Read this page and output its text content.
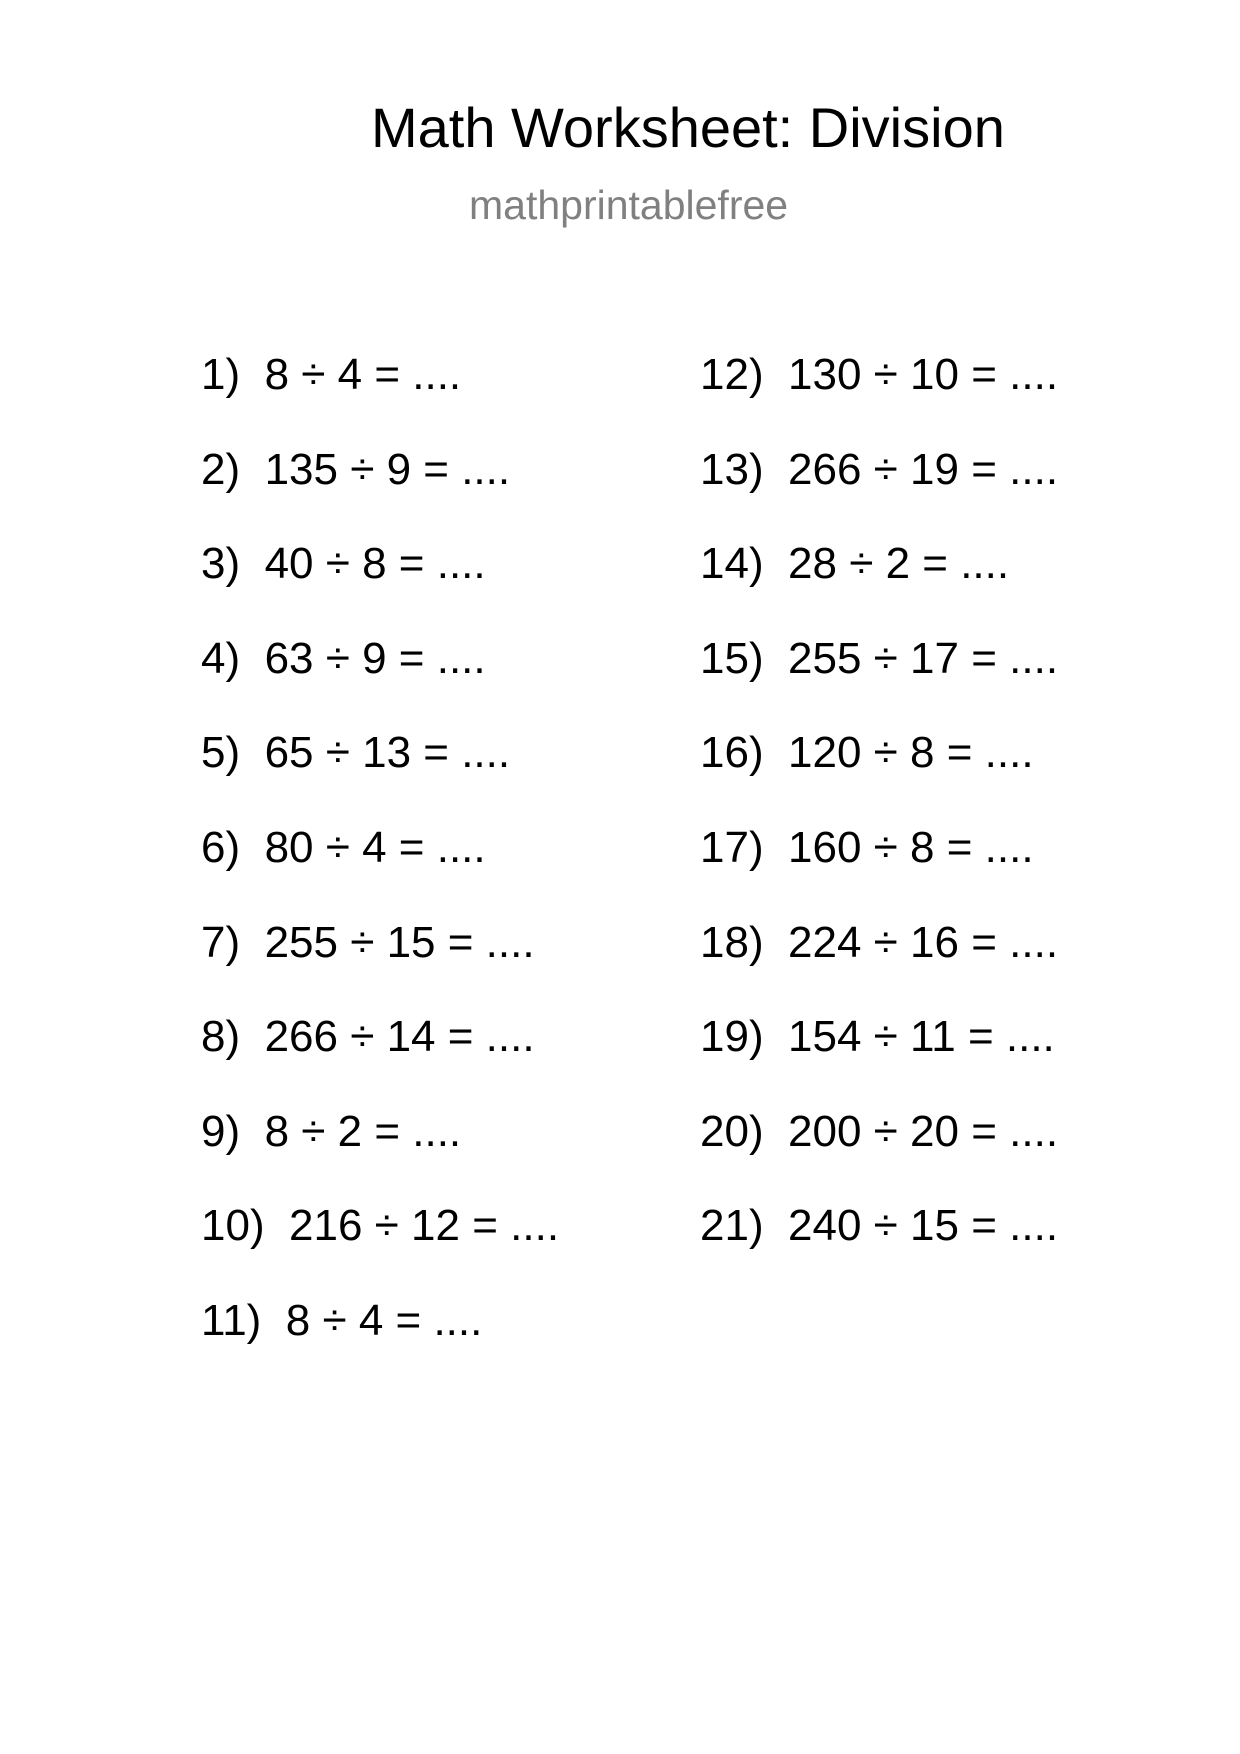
Math Worksheet: Division
mathprintablefree
1)  8 ÷ 4 = ....
2)  135 ÷ 9 = ....
3)  40 ÷ 8 = ....
4)  63 ÷ 9 = ....
5)  65 ÷ 13 = ....
6)  80 ÷ 4 = ....
7)  255 ÷ 15 = ....
8)  266 ÷ 14 = ....
9)  8 ÷ 2 = ....
10)  216 ÷ 12 = ....
11)  8 ÷ 4 = ....
12)  130 ÷ 10 = ....
13)  266 ÷ 19 = ....
14)  28 ÷ 2 = ....
15)  255 ÷ 17 = ....
16)  120 ÷ 8 = ....
17)  160 ÷ 8 = ....
18)  224 ÷ 16 = ....
19)  154 ÷ 11 = ....
20)  200 ÷ 20 = ....
21)  240 ÷ 15 = ....
